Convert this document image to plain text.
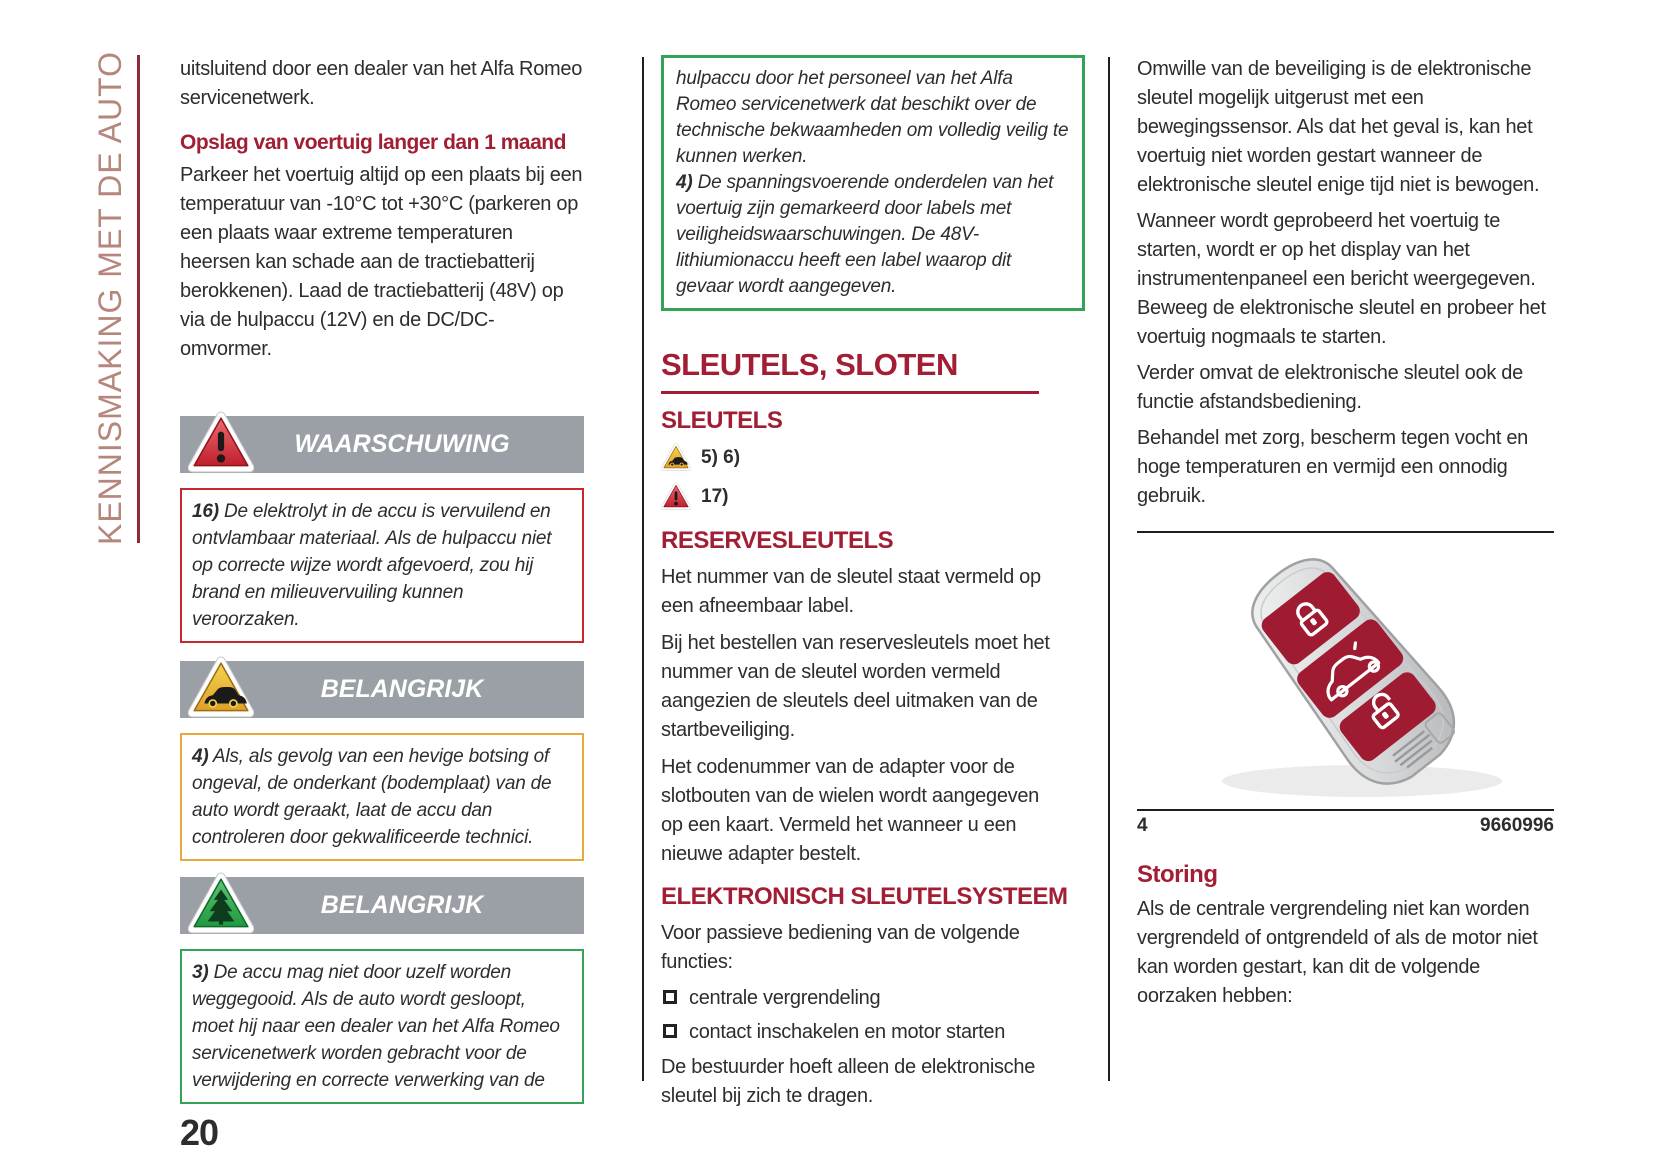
KENNISMAKING MET DE AUTO	uitsluitend door een dealer van het Alfa Romeo servicenetwerk.

Opslag van voertuig langer dan 1 maand

Parkeer het voertuig altijd op een plaats bij een temperatuur van -10°C tot +30°C (parkeren op een plaats waar extreme temperaturen heersen kan schade aan de tractiebatterij berokkenen). Laad de tractiebatterij (48V) op via de hulpaccu (12V) en de DC/DC-omvormer.

WAARSCHUWING
16) De elektrolyt in de accu is vervuilend en ontvlambaar materiaal. Als de hulpaccu niet op correcte wijze wordt afgevoerd, zou hij brand en milieuvervuiling kunnen veroorzaken.
BELANGRIJK
4) Als, als gevolg van een hevige botsing of ongeval, de onderkant (bodemplaat) van de auto wordt geraakt, laat de accu dan controleren door gekwalificeerde technici.
BELANGRIJK
3) De accu mag niet door uzelf worden weggegooid. Als de auto wordt gesloopt, moet hij naar een dealer van het Alfa Romeo servicenetwerk worden gebracht voor de verwijdering en correcte verwerking van de
20

hulpaccu door het personeel van het Alfa Romeo servicenetwerk dat beschikt over de technische bekwaamheden om volledig veilig te kunnen werken.

4) De spanningsvoerende onderdelen van het voertuig zijn gemarkeerd door labels met veiligheidswaarschuwingen. De 48V-lithiumionaccu heeft een label waarop dit gevaar wordt aangegeven.

SLEUTELS, SLOTEN
SLEUTELS
5) 6)
17)
RESERVESLEUTELS

Het nummer van de sleutel staat vermeld op een afneembaar label.

Bij het bestellen van reservesleutels moet het nummer van de sleutel worden vermeld aangezien de sleutels deel uitmaken van de startbeveiliging.

Het codenummer van de adapter voor de slotbouten van de wielen wordt aangegeven op een kaart. Vermeld het wanneer u een nieuwe adapter bestelt.

ELEKTRONISCH SLEUTELSYSTEEM

Voor passieve bediening van de volgende functies:

centrale vergrendeling
contact inschakelen en motor starten

De bestuurder hoeft alleen de elektronische sleutel bij zich te dragen.

Omwille van de beveiliging is de elektronische sleutel mogelijk uitgerust met een bewegingssensor. Als dat het geval is, kan het voertuig niet worden gestart wanneer de elektronische sleutel enige tijd niet is bewogen.

Wanneer wordt geprobeerd het voertuig te starten, wordt er op het display van het instrumentenpaneel een bericht weergegeven. Beweeg de elektronische sleutel en probeer het voertuig nogmaals te starten.

Verder omvat de elektronische sleutel ook de functie afstandsbediening.

Behandel met zorg, bescherm tegen vocht en hoge temperaturen en vermijd een onnodig gebruik.

4	9660996
Storing

Als de centrale vergrendeling niet kan worden vergrendeld of ontgrendeld of als de motor niet kan worden gestart, kan dit de volgende oorzaken hebben:
